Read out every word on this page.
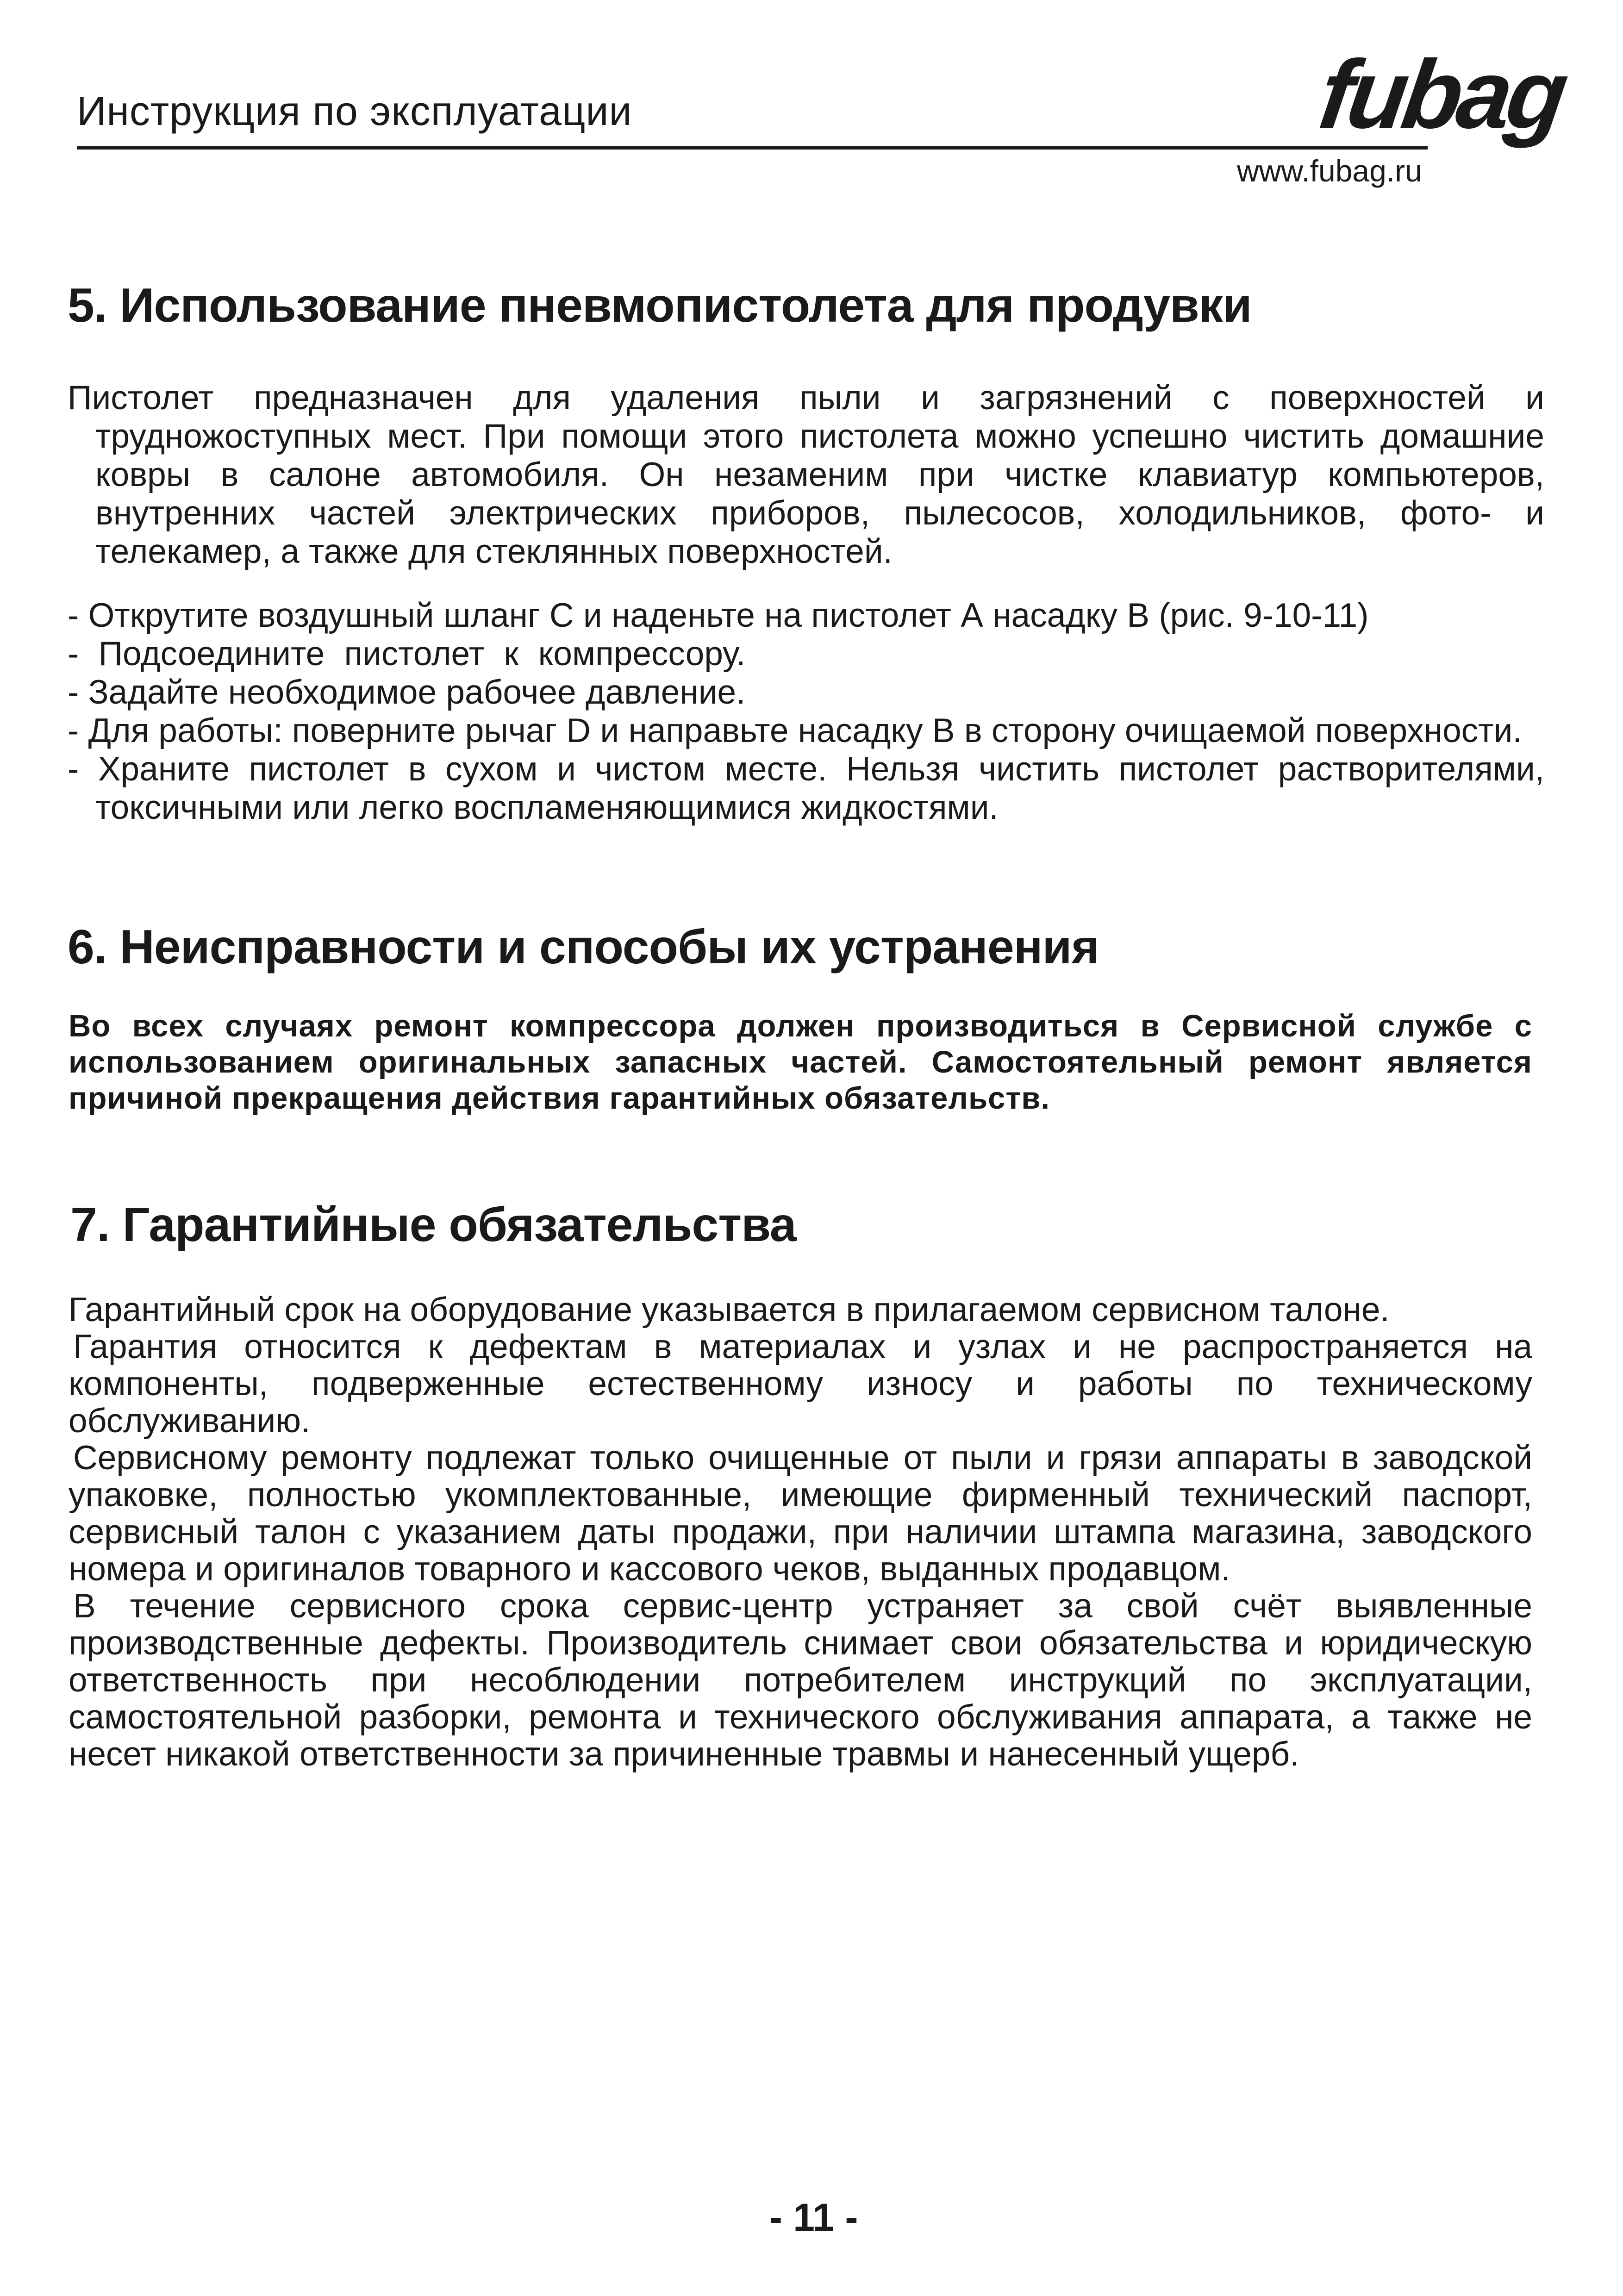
Инструкция по эксплуатации	fubag
www.fubag.ru
5. Использование пневмопистолета для продувки

Пистолет предназначен для удаления пыли и загрязнений с поверхностей и трудножоступных мест. При помощи этого пистолета можно успешно чистить домашние ковры в салоне автомобиля. Он незаменим при чистке клавиатур компьютеров, внутренних частей электрических приборов, пылесосов, холодильников, фото- и телекамер, а также для стеклянных поверхностей.

- Открутите воздушный шланг С и наденьте на пистолет А насадку В (рис. 9-10-11)

- Подсоедините пистолет к компрессору.

- Задайте необходимое рабочее давление.

- Для работы: поверните рычаг D и направьте насадку В в сторону очищаемой поверхности.

- Храните пистолет в сухом и чистом месте. Нельзя чистить пистолет растворителями, токсичными или легко воспламеняющимися жидкостями.

6. Неисправности и способы их устранения

Во всех случаях ремонт компрессора должен производиться в Сервисной службе с использованием оригинальных запасных частей. Самостоятельный ремонт является причиной прекращения действия гарантийных обязательств.

7. Гарантийные обязательства

Гарантийный срок на оборудование указывается в прилагаемом сервисном талоне.

Гарантия относится к дефектам в материалах и узлах и не распространяется на компоненты, подверженные естественному износу и работы по техническому обслуживанию.

Сервисному ремонту подлежат только очищенные от пыли и грязи аппараты в заводской упаковке, полностью укомплектованные, имеющие фирменный технический паспорт, сервисный талон с указанием даты продажи, при наличии штампа магазина, заводского номера и оригиналов товарного и кассового чеков, выданных продавцом.

В течение сервисного срока сервис-центр устраняет за свой счёт выявленные производственные дефекты. Производитель снимает свои обязательства и юридическую ответственность при несоблюдении потребителем инструкций по эксплуатации, самостоятельной разборки, ремонта и технического обслуживания аппарата, а также не несет никакой ответственности за причиненные травмы и нанесенный ущерб.

- 11 -
